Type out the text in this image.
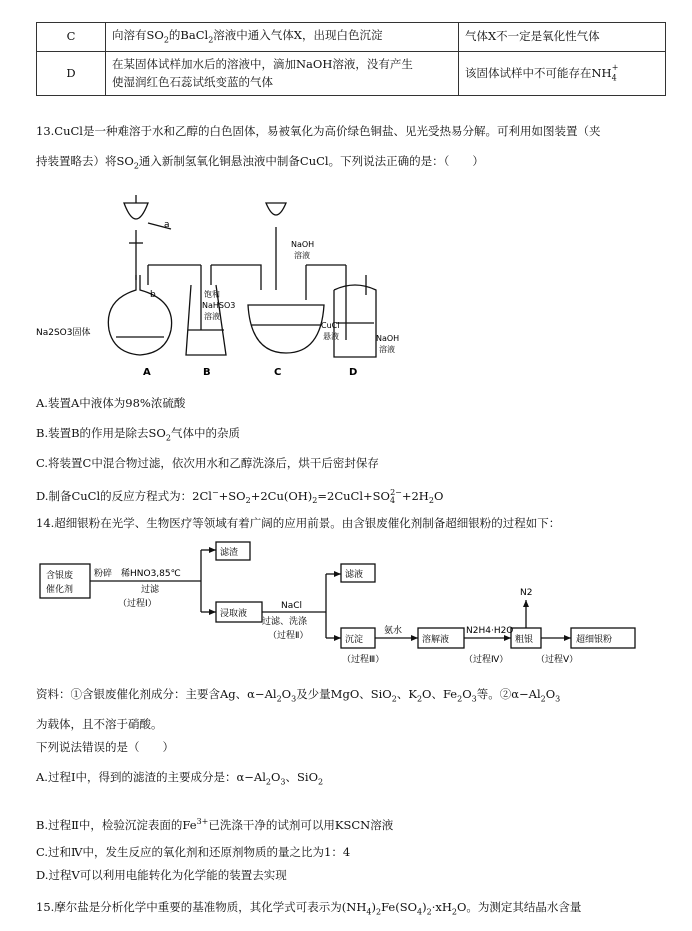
C	向溶有$SO_2$的BaCl$_2$溶液中通入气体X，出现白色沉淀	气体X不一定是氧化性气体
D	在某固体试样加水后的溶液中，滴加NaOH溶液，没有产生
使湿润红色石蕊试纸变蓝的气体	该固体试样中不可能存在$NH_4^+$
13.CuCl是一种难溶于水和乙醇的白色固体，易被氧化为高价绿色铜盐、见光受热易分解。可利用如图装置（夹
持装置略去）将$SO_2$通入新制氢氧化铜悬浊液中制备CuCl。下列说法正确的是：（　　）
a
b
Na2SO3固体
饱和
NaHSO3
溶液
NaOH
溶液
CuCl
悬液	NaOH
溶液
A	B	C	D
A.装置A中液体为98%浓硫酸
B.装置B的作用是除去$SO_2$气体中的杂质
C.将装置C中混合物过滤，依次用水和乙醇洗涤后，烘干后密封保存
D.制备CuCl的反应方程式为：$2Cl^-+SO_2+2Cu(OH)_2=2CuCl+SO_4^{2-}+2H_2O$
14.超细银粉在光学、生物医疗等领域有着广阔的应用前景。由含银废催化剂制备超细银粉的过程如下：
含银废
催化剂
粉碎　稀HNO3,85℃
过滤
（过程Ⅰ）
滤渣
浸取液
NaCl
过滤、洗涤
（过程Ⅱ）
滤液
沉淀
氨水
（过程Ⅲ）
溶解液
N2H4·H2O
（过程Ⅳ）
粗银
N2
（过程Ⅴ）
超细银粉
资料：①含银废催化剂成分：主要含Ag、$\alpha-Al_2O_3$及少量MgO、SiO$_2$、$K_2O$、$Fe_2O_3$等。$②\alpha-Al_2O_3$
为载体，且不溶于硝酸。
下列说法错误的是（　　）
A.过程Ⅰ中，得到的滤渣的主要成分是：$\alpha-Al_2O_3$、SiO$_2$
B.过程Ⅱ中，检验沉淀表面的$Fe^{3+}$已洗涤干净的试剂可以用KSCN溶液
C.过和Ⅳ中，发生反应的氧化剂和还原剂物质的量之比为1：4
D.过程Ⅴ可以利用电能转化为化学能的装置去实现
15.摩尔盐是分析化学中重要的基准物质，其化学式可表示为$(NH_4)_2Fe(SO_4)_2\cdot xH_2O$。为测定其结晶水含量
